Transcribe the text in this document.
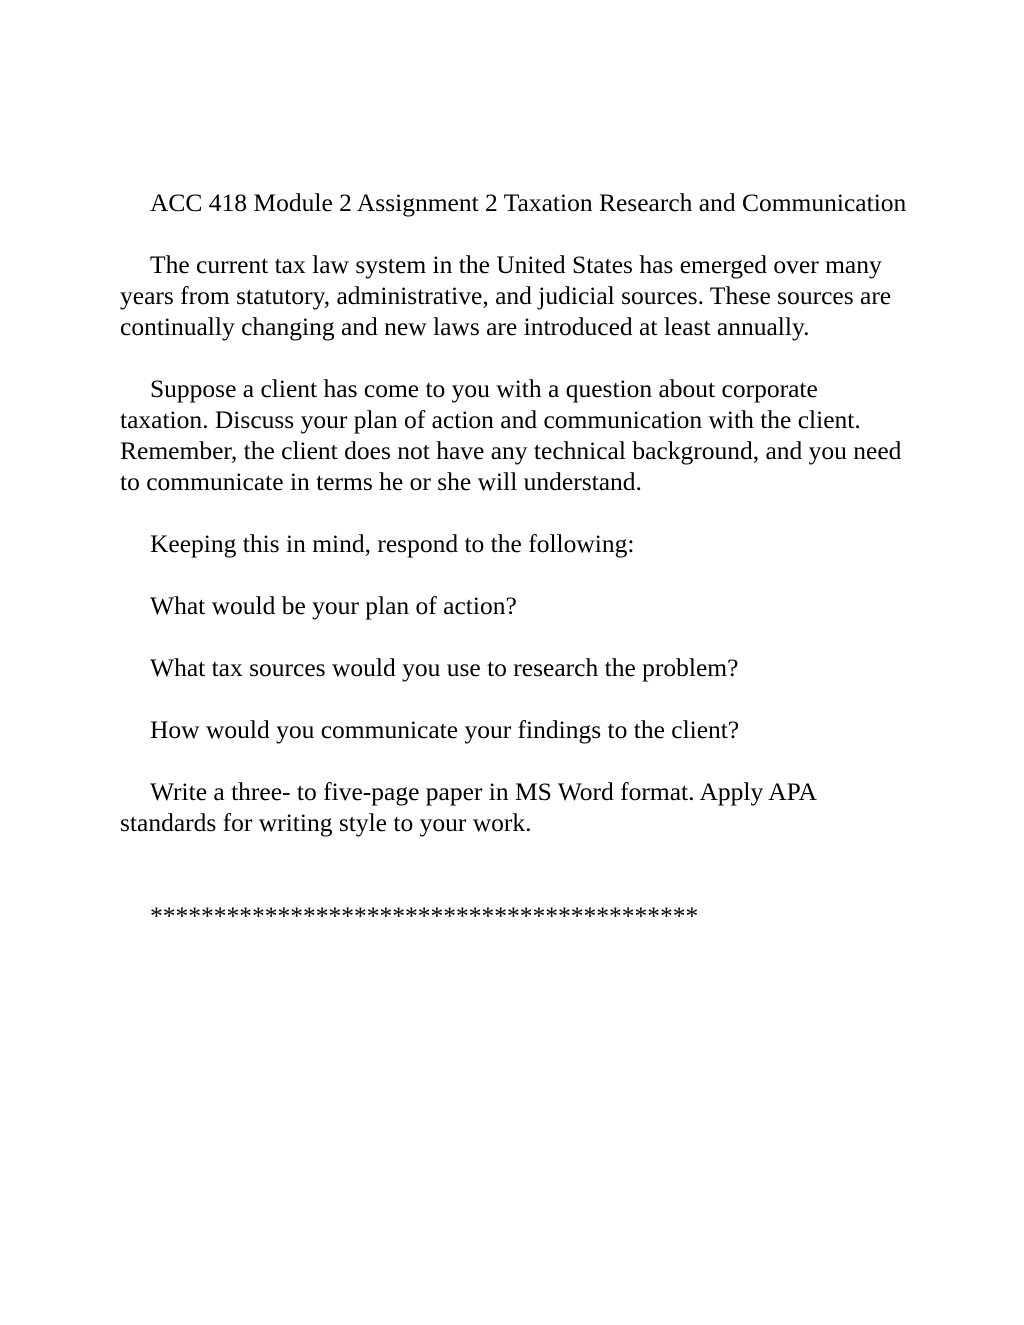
ACC 418 Module 2 Assignment 2 Taxation Research and Communication

The current tax law system in the United States has emerged over many years from statutory, administrative, and judicial sources. These sources are continually changing and new laws are introduced at least annually.

Suppose a client has come to you with a question about corporate taxation. Discuss your plan of action and communication with the client. Remember, the client does not have any technical background, and you need to communicate in terms he or she will understand.

Keeping this in mind, respond to the following:

What would be your plan of action?

What tax sources would you use to research the problem?

How would you communicate your findings to the client?

Write a three- to five-page paper in MS Word format. Apply APA standards for writing style to your work.

*******************************************
